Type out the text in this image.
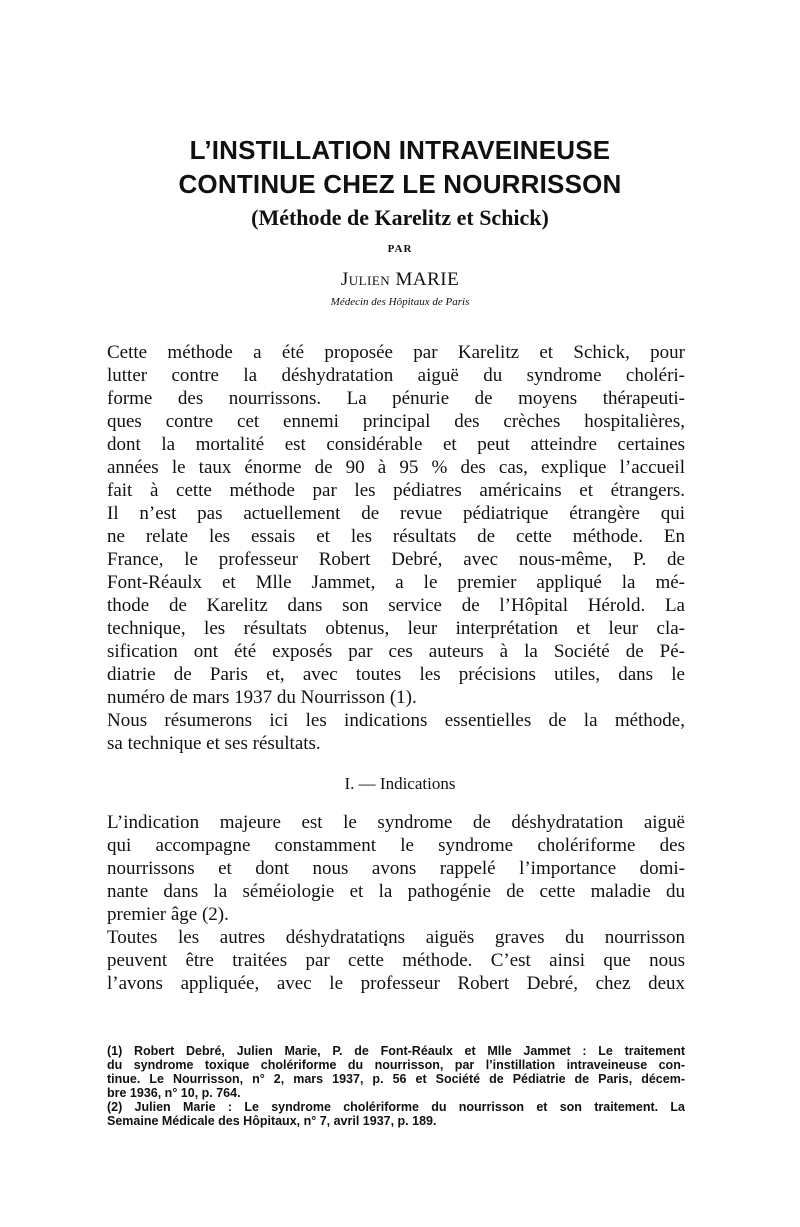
L’INSTILLATION INTRAVEINEUSE
CONTINUE CHEZ LE NOURRISSON
(Méthode de Karelitz et Schick)
PAR
Julien MARIE
Médecin des Hôpitaux de Paris
Cette méthode a été proposée par Karelitz et Schick, pour
lutter contre la déshydratation aiguë du syndrome choléri-
forme des nourrissons. La pénurie de moyens thérapeuti-
ques contre cet ennemi principal des crèches hospitalières,
dont la mortalité est considérable et peut atteindre certaines
années le taux énorme de 90 à 95 % des cas, explique l’accueil
fait à cette méthode par les pédiatres américains et étrangers.
Il n’est pas actuellement de revue pédiatrique étrangère qui
ne relate les essais et les résultats de cette méthode. En
France, le professeur Robert Debré, avec nous-même, P. de
Font-Réaulx et Mlle Jammet, a le premier appliqué la mé-
thode de Karelitz dans son service de l’Hôpital Hérold. La
technique, les résultats obtenus, leur interprétation et leur cla-
sification ont été exposés par ces auteurs à la Société de Pé-
diatrie de Paris et, avec toutes les précisions utiles, dans le
numéro de mars 1937 du Nourrisson (1).
Nous résumerons ici les indications essentielles de la méthode,
sa technique et ses résultats.
I. — Indications
L’indication majeure est le syndrome de déshydratation aiguë
qui accompagne constamment le syndrome cholériforme des
nourrissons et dont nous avons rappelé l’importance domi-
nante dans la séméiologie et la pathogénie de cette maladie du
premier âge (2).
Toutes les autres déshydratations aiguës graves du nourrisson
peuvent être traitées par cette méthode. C’est ainsi que nous
l’avons appliquée, avec le professeur Robert Debré, chez deux
(1) Robert Debré, Julien Marie, P. de Font-Réaulx et Mlle Jammet : Le traitement
du syndrome toxique cholériforme du nourrisson, par l’instillation intraveineuse con-
tinue. Le Nourrisson, n° 2, mars 1937, p. 56 et Société de Pédiatrie de Paris, décem-
bre 1936, n° 10, p. 764.
(2) Julien Marie : Le syndrome cholériforme du nourrisson et son traitement. La
Semaine Médicale des Hôpitaux, n° 7, avril 1937, p. 189.
